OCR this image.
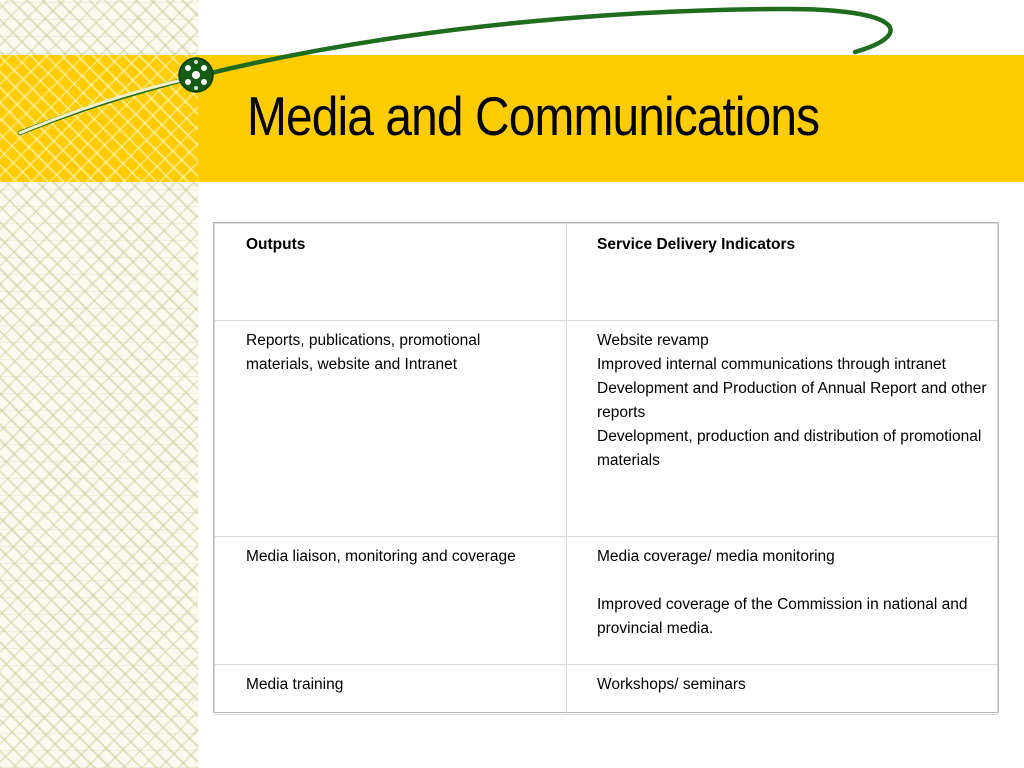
Media and Communications
Outputs	Service Delivery Indicators
Reports, publications, promotional materials, website and Intranet	Website revamp
Improved internal communications through intranet
Development and Production of Annual Report and other reports
Development, production and distribution of promotional materials

Media liaison, monitoring and coverage	Media coverage/ media monitoring
Improved coverage of the Commission in national and provincial media.

Media training	Workshops/ seminars
